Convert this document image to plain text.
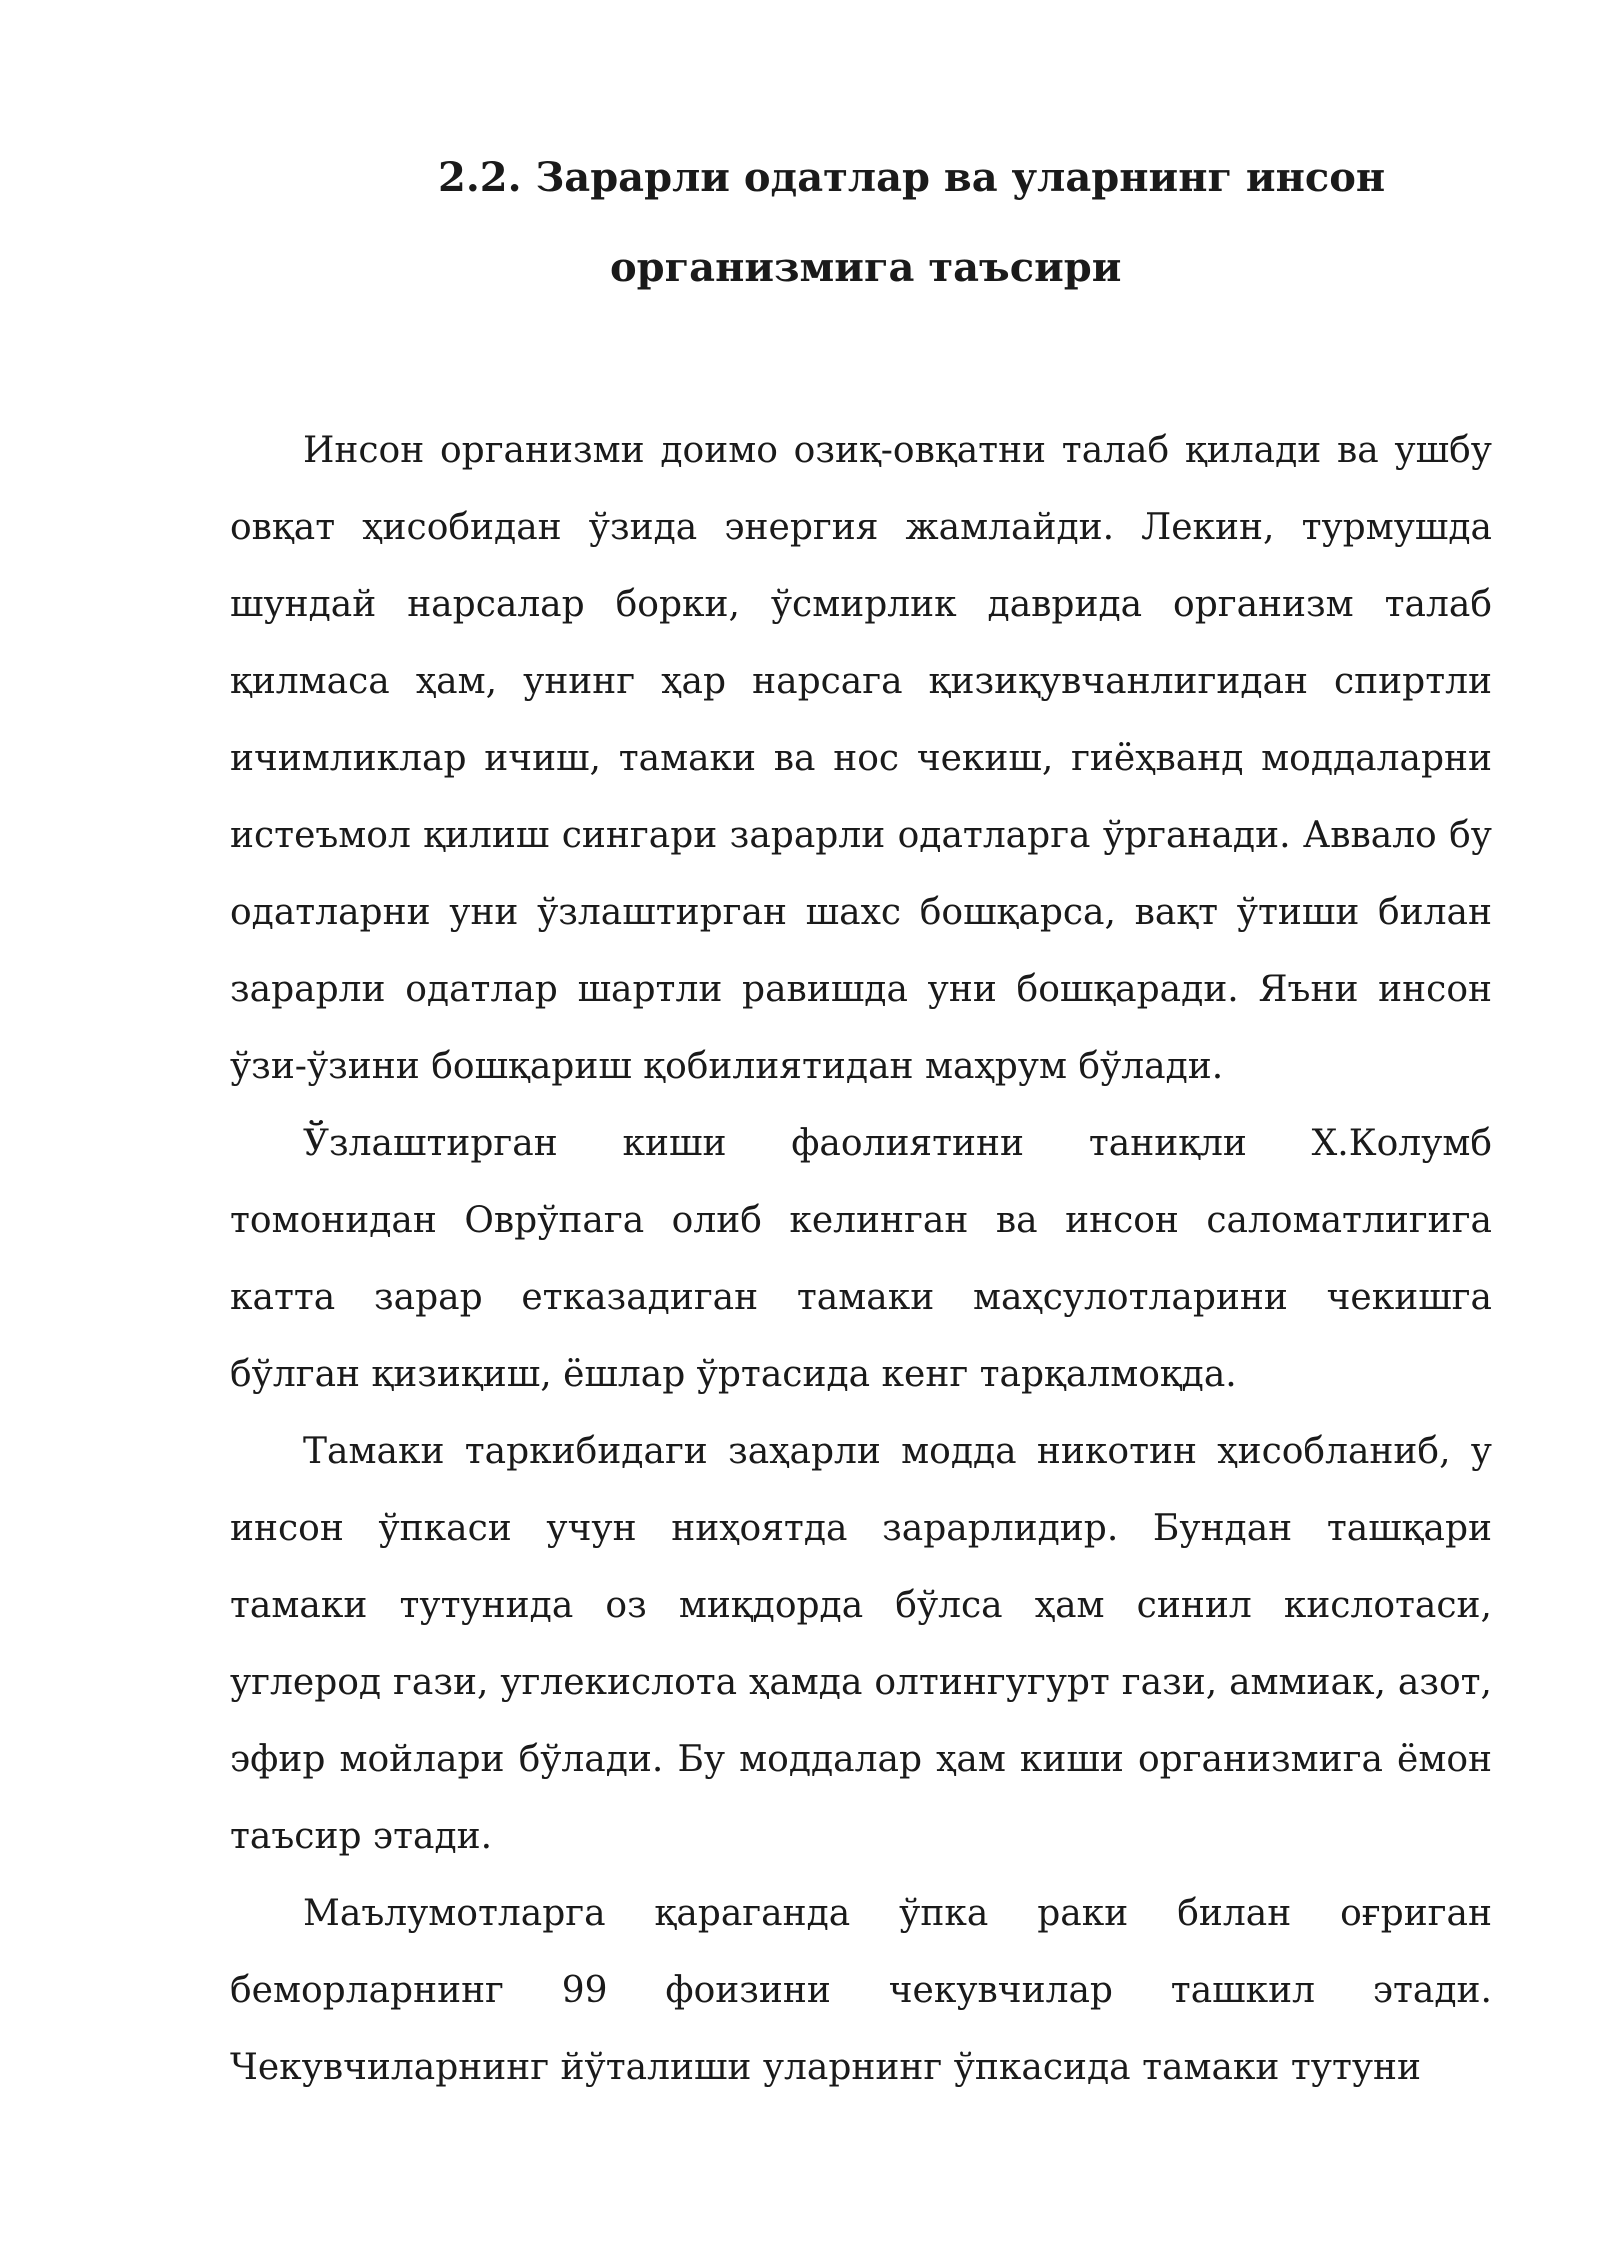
2.2. Зарарли одатлар ва уларнинг инсон
организмига таъсири

Инсон организми доимо озиқ-овқатни талаб қилади ва ушбу овқат ҳисобидан ўзида энергия жамлайди. Лекин, турмушда шундай нарсалар борки, ўсмирлик даврида организм талаб қилмаса ҳам, унинг ҳар нарсага қизиқувчанлигидан спиртли ичимликлар ичиш, тамаки ва нос чекиш, гиёҳванд моддаларни истеъмол қилиш сингари зарарли одатларга ўрганади. Аввало бу одатларни уни ўзлаштирган шахс бошқарса, вақт ўтиши билан зарарли одатлар шартли равишда уни бошқаради. Яъни инсон ўзи-ўзини бошқариш қобилиятидан маҳрум бўлади.

Ўзлаштирган киши фаолиятини таниқли Х.Колумб томонидан Оврўпага олиб келинган ва инсон саломатлигига катта зарар етказадиган тамаки маҳсулотларини чекишга бўлган қизиқиш, ёшлар ўртасида кенг тарқалмоқда.

Тамаки таркибидаги заҳарли модда никотин ҳисобланиб, у инсон ўпкаси учун ниҳоятда зарарлидир. Бундан ташқари тамаки тутунида оз миқдорда бўлса ҳам синил кислотаси, углерод гази, углекислота ҳамда олтингугурт гази, аммиак, азот, эфир мойлари бўлади. Бу моддалар ҳам киши организмига ёмон таъсир этади.

Маълумотларга қараганда ўпка раки билан оғриган беморларнинг 99 фоизини чекувчилар ташкил этади. Чекувчиларнинг йўталиши уларнинг ўпкасида тамаки тутуни
